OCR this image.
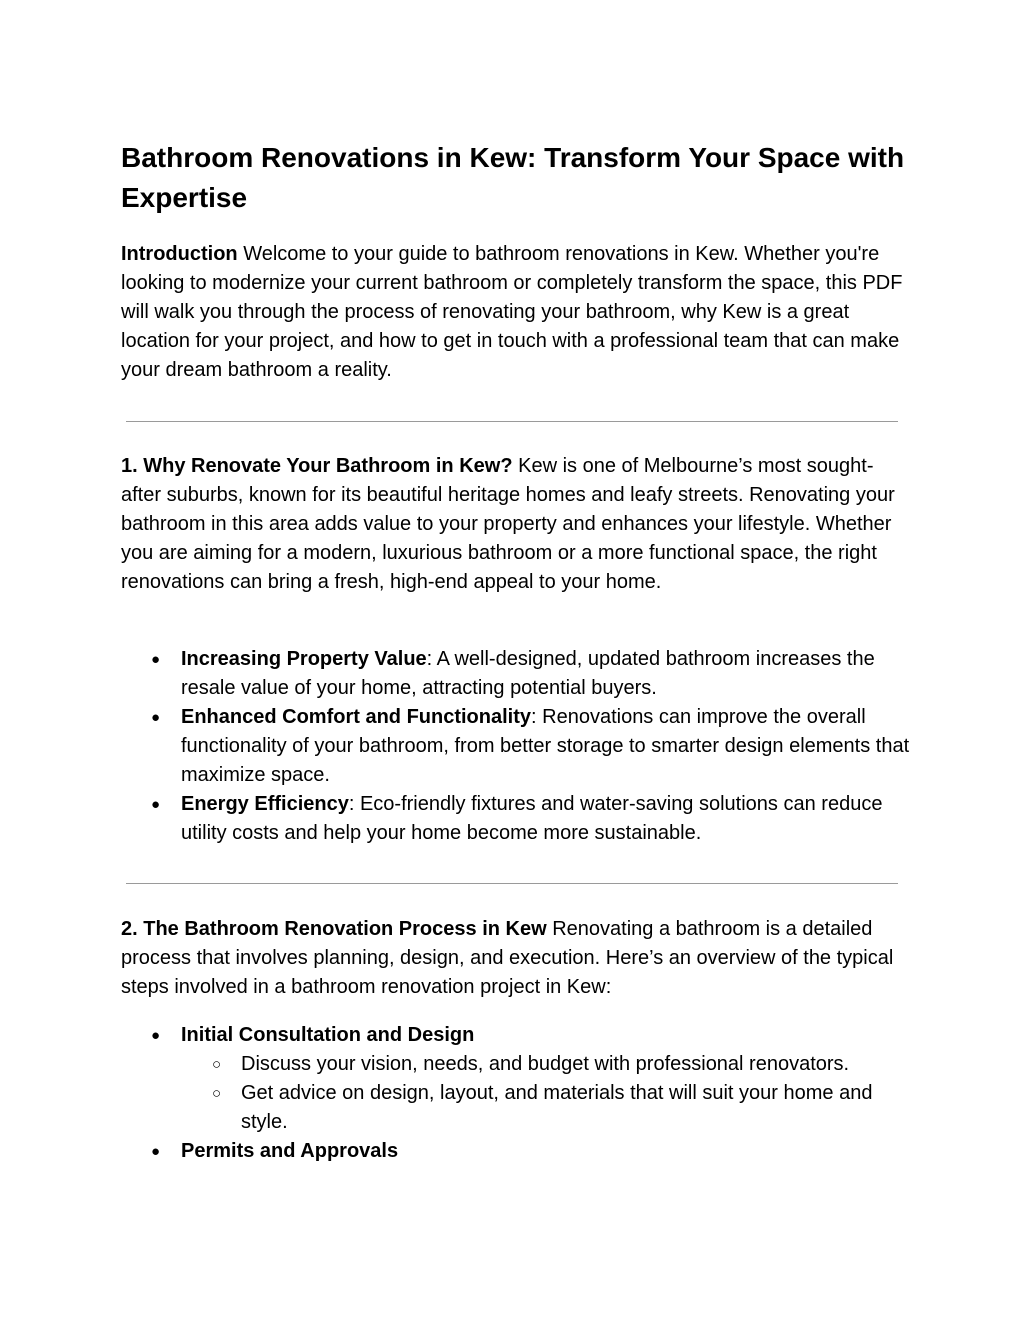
Bathroom Renovations in Kew: Transform Your Space with Expertise

Introduction Welcome to your guide to bathroom renovations in Kew. Whether you're looking to modernize your current bathroom or completely transform the space, this PDF will walk you through the process of renovating your bathroom, why Kew is a great location for your project, and how to get in touch with a professional team that can make your dream bathroom a reality.

1. Why Renovate Your Bathroom in Kew? Kew is one of Melbourne’s most sought-after suburbs, known for its beautiful heritage homes and leafy streets. Renovating your bathroom in this area adds value to your property and enhances your lifestyle. Whether you are aiming for a modern, luxurious bathroom or a more functional space, the right renovations can bring a fresh, high-end appeal to your home.

● Increasing Property Value: A well-designed, updated bathroom increases the resale value of your home, attracting potential buyers.
● Enhanced Comfort and Functionality: Renovations can improve the overall functionality of your bathroom, from better storage to smarter design elements that maximize space.
● Energy Efficiency: Eco-friendly fixtures and water-saving solutions can reduce utility costs and help your home become more sustainable.

2. The Bathroom Renovation Process in Kew Renovating a bathroom is a detailed process that involves planning, design, and execution. Here’s an overview of the typical steps involved in a bathroom renovation project in Kew:

● Initial Consultation and Design
○ Discuss your vision, needs, and budget with professional renovators.
○ Get advice on design, layout, and materials that will suit your home and style.
● Permits and Approvals
